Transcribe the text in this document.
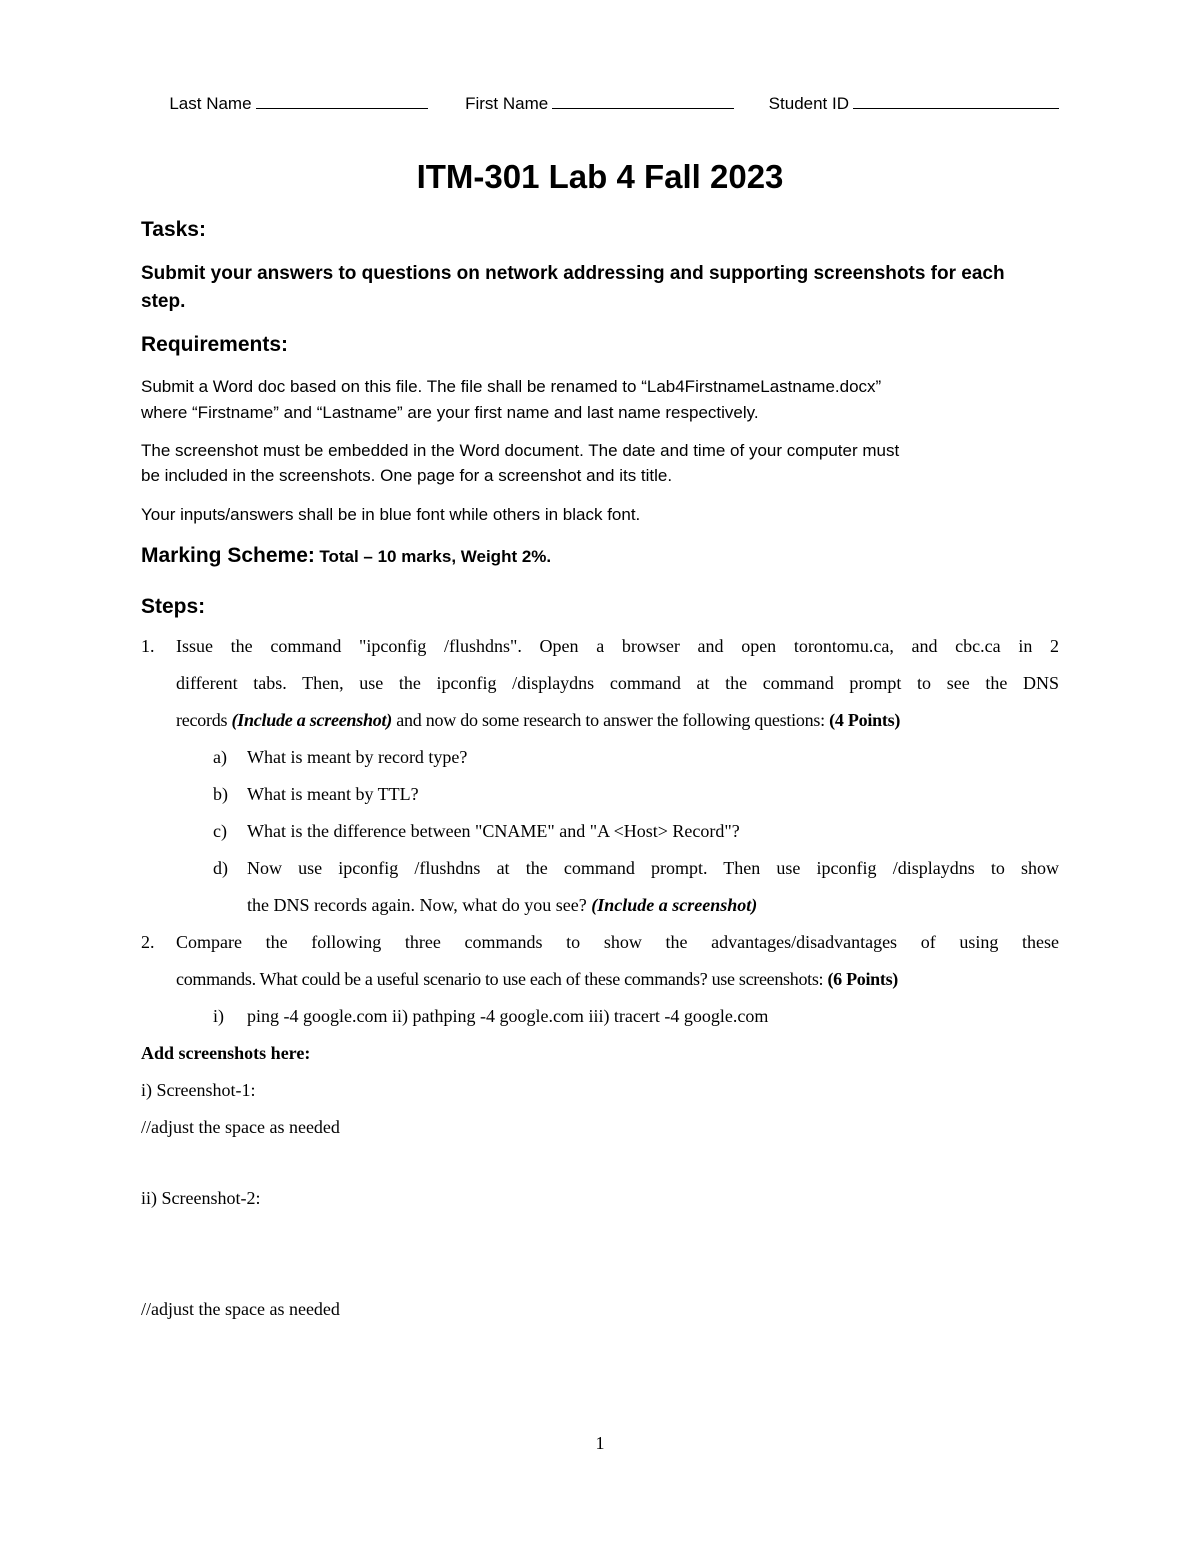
Last Name
	First Name
	Student ID

ITM-301 Lab 4 Fall 2023
Tasks:
Submit your answers to questions on network addressing and supporting screenshots for each
step.
Requirements:
Submit a Word doc based on this file. The file shall be renamed to “Lab4FirstnameLastname.docx”
where “Firstname” and “Lastname” are your first name and last name respectively.
The screenshot must be embedded in the Word document. The date and time of your computer must
be included in the screenshots. One page for a screenshot and its title.
Your inputs/answers shall be in blue font while others in black font.
Marking Scheme: Total – 10 marks, Weight 2%.
Steps:
1. Issue the command "ipconfig /flushdns". Open a browser and open torontomu.ca, and cbc.ca in 2
different tabs. Then, use the ipconfig /displaydns command at the command prompt to see the DNS
records (Include a screenshot) and now do some research to answer the following questions: (4 Points)
a) What is meant by record type?
b) What is meant by TTL?
c) What is the difference between "CNAME" and "A <Host> Record"?
d) Now use ipconfig /flushdns at the command prompt. Then use ipconfig /displaydns to show
the DNS records again. Now, what do you see? (Include a screenshot)
2. Compare the following three commands to show the advantages/disadvantages of using these
commands. What could be a useful scenario to use each of these commands? use screenshots: (6 Points)
i) ping -4 google.com ii) pathping -4 google.com iii) tracert -4 google.com
Add screenshots here:
i) Screenshot-1:
//adjust the space as needed
ii) Screenshot-2:
//adjust the space as needed
1
